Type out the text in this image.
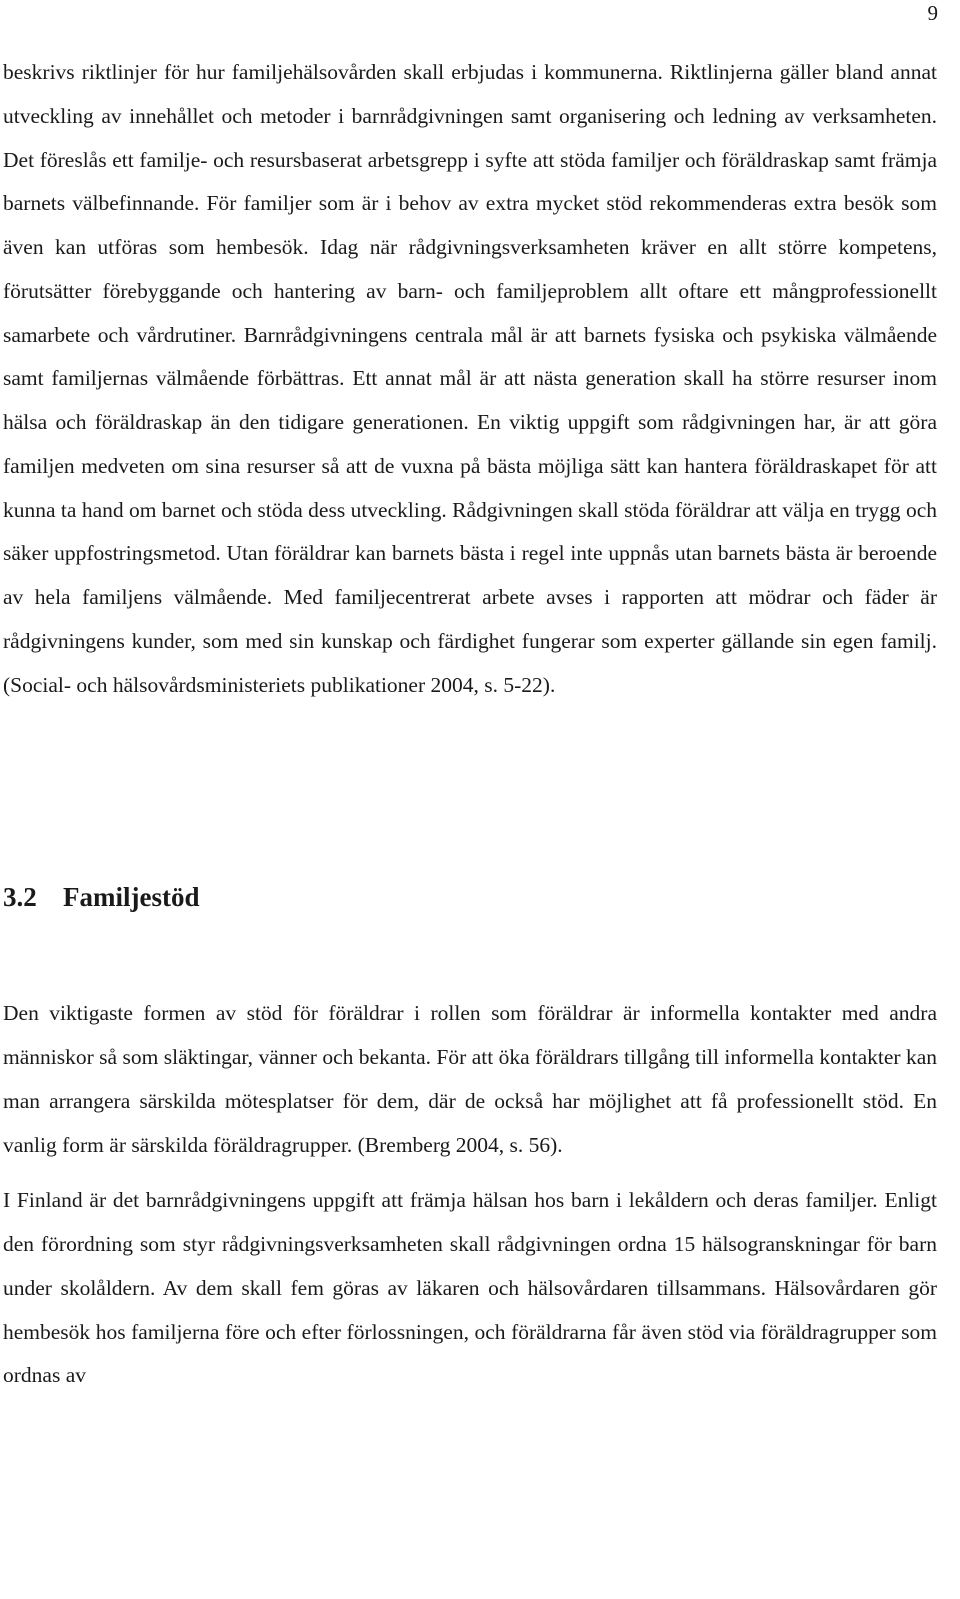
9

beskrivs riktlinjer för hur familjehälsovården skall erbjudas i kommunerna. Riktlinjerna gäller bland annat utveckling av innehållet och metoder i barnrådgivningen samt organisering och ledning av verksamheten. Det föreslås ett familje- och resursbaserat arbetsgrepp i syfte att stöda familjer och föräldraskap samt främja barnets välbefinnande. För familjer som är i behov av extra mycket stöd rekommenderas extra besök som även kan utföras som hembesök. Idag när rådgivningsverksamheten kräver en allt större kompetens, förutsätter förebyggande och hantering av barn- och familjeproblem allt oftare ett mångprofessionellt samarbete och vårdrutiner. Barnrådgivningens centrala mål är att barnets fysiska och psykiska välmående samt familjernas välmående förbättras. Ett annat mål är att nästa generation skall ha större resurser inom hälsa och föräldraskap än den tidigare generationen. En viktig uppgift som rådgivningen har, är att göra familjen medveten om sina resurser så att de vuxna på bästa möjliga sätt kan hantera föräldraskapet för att kunna ta hand om barnet och stöda dess utveckling. Rådgivningen skall stöda föräldrar att välja en trygg och säker uppfostringsmetod. Utan föräldrar kan barnets bästa i regel inte uppnås utan barnets bästa är beroende av hela familjens välmående. Med familjecentrerat arbete avses i rapporten att mödrar och fäder är rådgivningens kunder, som med sin kunskap och färdighet fungerar som experter gällande sin egen familj. (Social- och hälsovårdsministeriets publikationer 2004, s. 5-22).

3.2 Familjestöd

Den viktigaste formen av stöd för föräldrar i rollen som föräldrar är informella kontakter med andra människor så som släktingar, vänner och bekanta. För att öka föräldrars tillgång till informella kontakter kan man arrangera särskilda mötesplatser för dem, där de också har möjlighet att få professionellt stöd. En vanlig form är särskilda föräldragrupper. (Bremberg 2004, s. 56).

I Finland är det barnrådgivningens uppgift att främja hälsan hos barn i lekåldern och deras familjer. Enligt den förordning som styr rådgivningsverksamheten skall rådgivningen ordna 15 hälsogranskningar för barn under skolåldern. Av dem skall fem göras av läkaren och hälsovårdaren tillsammans. Hälsovårdaren gör hembesök hos familjerna före och efter förlossningen, och föräldrarna får även stöd via föräldragrupper som ordnas av
